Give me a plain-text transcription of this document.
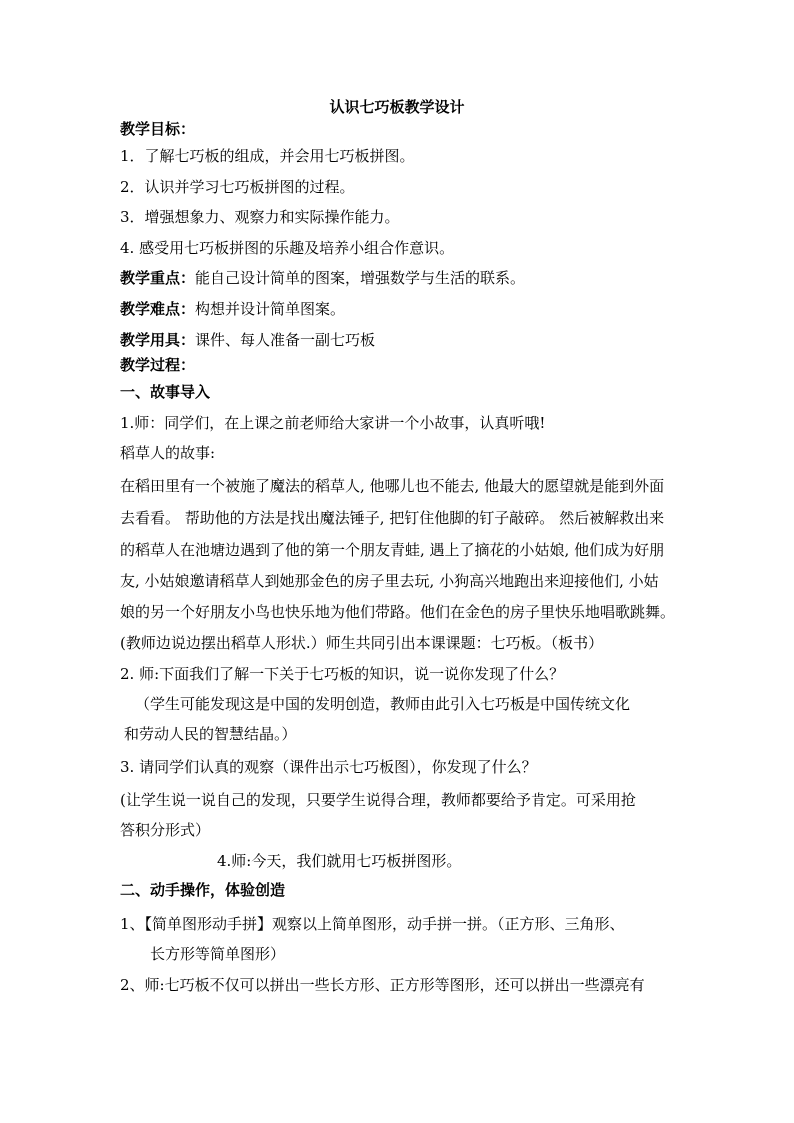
认识七巧板教学设计
教学目标：
1．了解七巧板的组成，并会用七巧板拼图。
2．认识并学习七巧板拼图的过程。
3．增强想象力、观察力和实际操作能力。
4. 感受用七巧板拼图的乐趣及培养小组合作意识。
教学重点：能自己设计简单的图案，增强数学与生活的联系。
教学难点：构想并设计简单图案。
教学用具：课件、每人准备一副七巧板
教学过程：
一、故事导入
1.师：同学们，在上课之前老师给大家讲一个小故事，认真听哦!
稻草人的故事:
在稻田里有一个被施了魔法的稻草人, 他哪儿也不能去, 他最大的愿望就是能到外面
去看看。 帮助他的方法是找出魔法锤子, 把钉住他脚的钉子敲碎。 然后被解救出来
的稻草人在池塘边遇到了他的第一个朋友青蛙, 遇上了摘花的小姑娘, 他们成为好朋
友, 小姑娘邀请稻草人到她那金色的房子里去玩, 小狗高兴地跑出来迎接他们, 小姑
娘的另一个好朋友小鸟也快乐地为他们带路。他们在金色的房子里快乐地唱歌跳舞。
(教师边说边摆出稻草人形状.）师生共同引出本课课题：七巧板。（板书）
2. 师:下面我们了解一下关于七巧板的知识，说一说你发现了什么？
（学生可能发现这是中国的发明创造，教师由此引入七巧板是中国传统文化
和劳动人民的智慧结晶。）
3. 请同学们认真的观察（课件出示七巧板图），你发现了什么？
(让学生说一说自己的发现，只要学生说得合理，教师都要给予肯定。可采用抢
答积分形式）
4.师:今天，我们就用七巧板拼图形。
二、动手操作，体验创造
1、【简单图形动手拼】观察以上简单图形，动手拼一拼。（正方形、三角形、
长方形等简单图形）
2、师:七巧板不仅可以拼出一些长方形、正方形等图形，还可以拼出一些漂亮有
